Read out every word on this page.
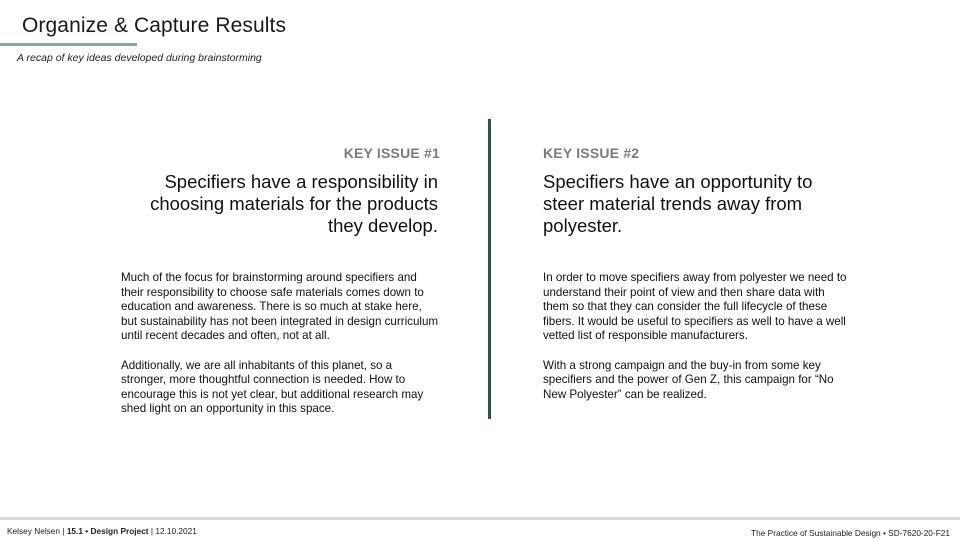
Organize & Capture Results
A recap of key ideas developed during brainstorming
KEY ISSUE #1
Specifiers have a responsibility in choosing materials for the products they develop.

Much of the focus for brainstorming around specifiers and their responsibility to choose safe materials comes down to education and awareness. There is so much at stake here, but sustainability has not been integrated in design curriculum until recent decades and often, not at all.

Additionally, we are all inhabitants of this planet, so a stronger, more thoughtful connection is needed. How to encourage this is not yet clear, but additional research may shed light on an opportunity in this space.

KEY ISSUE #2
Specifiers have an opportunity to steer material trends away from polyester.

In order to move specifiers away from polyester we need to understand their point of view and then share data with them so that they can consider the full lifecycle of these fibers. It would be useful to specifiers as well to have a well vetted list of responsible manufacturers.

With a strong campaign and the buy-in from some key specifiers and the power of Gen Z, this campaign for “No New Polyester” can be realized.

Kelsey Nelsen | 15.1 • Design Project | 12.10.2021	The Practice of Sustainable Design • SD-7620-20-F21
